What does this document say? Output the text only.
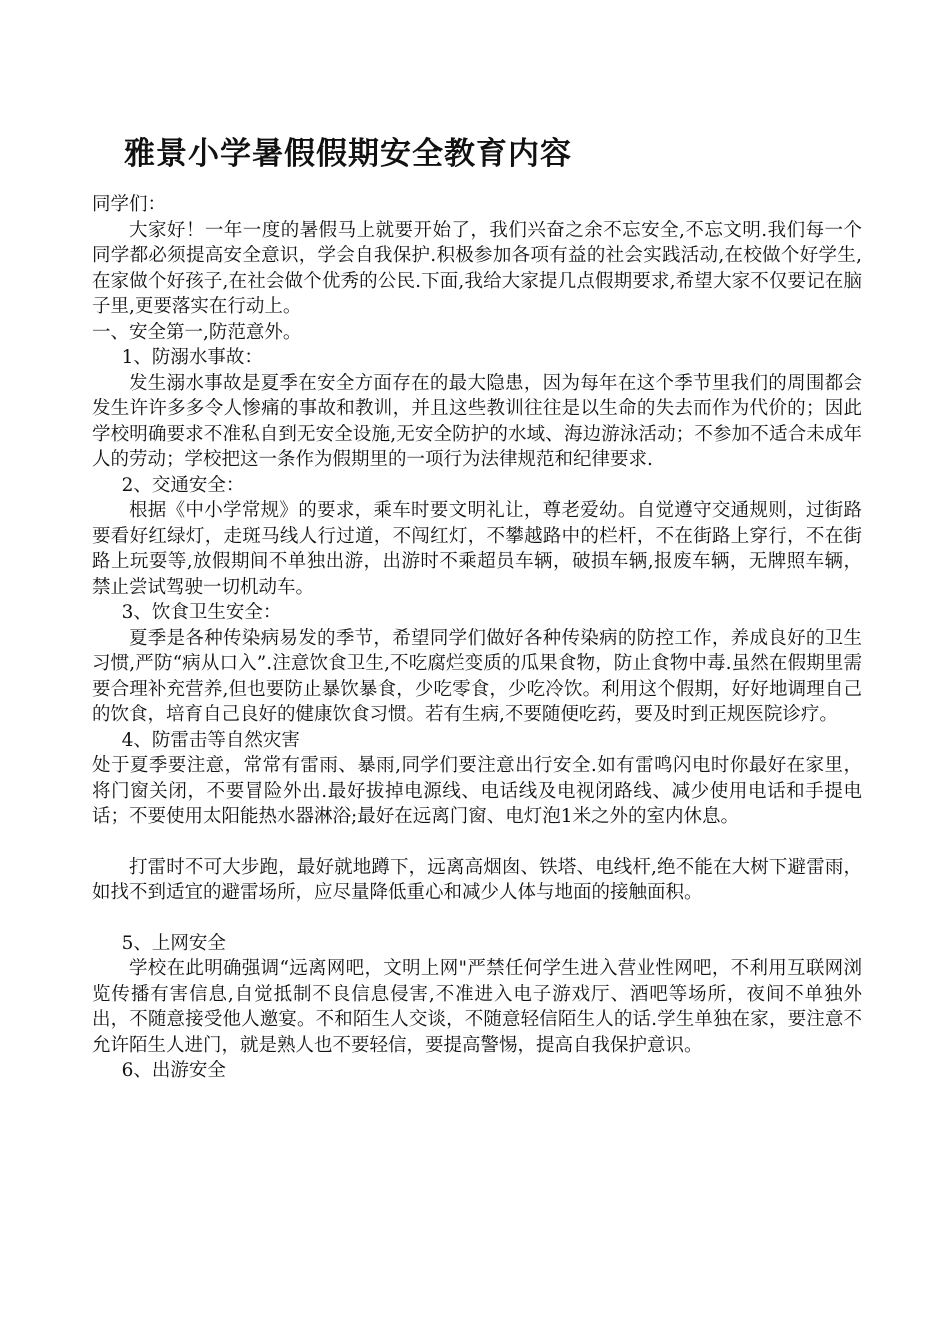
雅景小学暑假假期安全教育内容

同学们：

大家好！一年一度的暑假马上就要开始了，我们兴奋之余不忘安全,不忘文明.我们每一个同学都必须提高安全意识，学会自我保护.积极参加各项有益的社会实践活动,在校做个好学生,在家做个好孩子,在社会做个优秀的公民.下面,我给大家提几点假期要求,希望大家不仅要记在脑子里,更要落实在行动上。

一、安全第一,防范意外。

1、防溺水事故：

发生溺水事故是夏季在安全方面存在的最大隐患，因为每年在这个季节里我们的周围都会发生许许多多令人惨痛的事故和教训，并且这些教训往往是以生命的失去而作为代价的；因此学校明确要求不准私自到无安全设施,无安全防护的水域、海边游泳活动；不参加不适合未成年人的劳动；学校把这一条作为假期里的一项行为法律规范和纪律要求.

2、交通安全：

根据《中小学常规》的要求，乘车时要文明礼让，尊老爱幼。自觉遵守交通规则，过街路要看好红绿灯，走斑马线人行过道，不闯红灯，不攀越路中的栏杆，不在街路上穿行，不在街路上玩耍等,放假期间不单独出游，出游时不乘超员车辆，破损车辆,报废车辆，无牌照车辆，禁止尝试驾驶一切机动车。

3、饮食卫生安全：

夏季是各种传染病易发的季节，希望同学们做好各种传染病的防控工作，养成良好的卫生习惯,严防“病从口入”.注意饮食卫生,不吃腐烂变质的瓜果食物，防止食物中毒.虽然在假期里需要合理补充营养,但也要防止暴饮暴食，少吃零食，少吃冷饮。利用这个假期，好好地调理自己的饮食，培育自己良好的健康饮食习惯。若有生病,不要随便吃药，要及时到正规医院诊疗。

4、防雷击等自然灾害

处于夏季要注意，常常有雷雨、暴雨,同学们要注意出行安全.如有雷鸣闪电时你最好在家里，将门窗关闭，不要冒险外出.最好拔掉电源线、电话线及电视闭路线、减少使用电话和手提电话；不要使用太阳能热水器淋浴;最好在远离门窗、电灯泡1米之外的室内休息。

打雷时不可大步跑，最好就地蹲下，远离高烟囱、铁塔、电线杆,绝不能在大树下避雷雨，如找不到适宜的避雷场所，应尽量降低重心和减少人体与地面的接触面积。

5、上网安全

学校在此明确强调“远离网吧，文明上网"严禁任何学生进入营业性网吧，不利用互联网浏览传播有害信息,自觉抵制不良信息侵害,不准进入电子游戏厅、酒吧等场所，夜间不单独外出，不随意接受他人邀宴。不和陌生人交谈，不随意轻信陌生人的话.学生单独在家，要注意不允许陌生人进门，就是熟人也不要轻信，要提高警惕，提高自我保护意识。

6、出游安全
